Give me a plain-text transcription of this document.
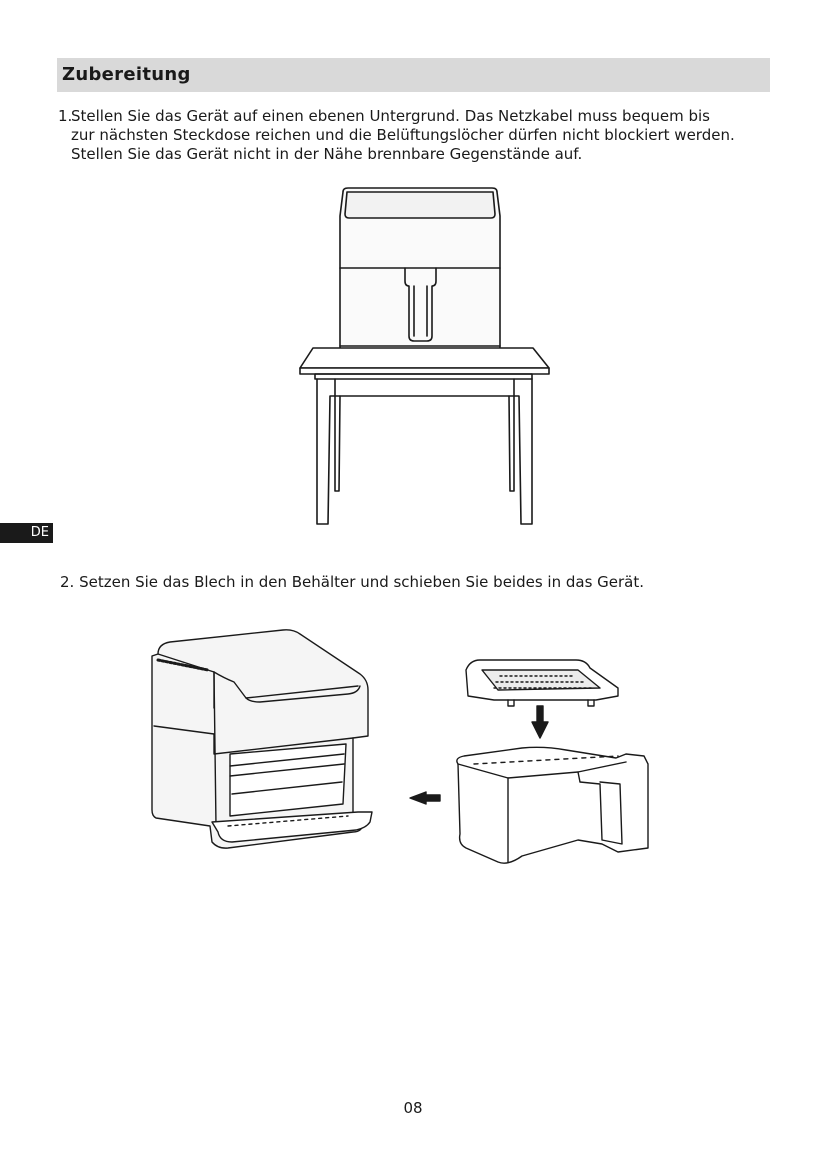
Zubereitung
1.
Stellen Sie das Gerät auf einen ebenen Untergrund. Das Netzkabel muss bequem bis zur nächsten Steckdose reichen und die Belüftungslöcher dürfen nicht blockiert werden. Stellen Sie das Gerät nicht in der Nähe brennbare Gegenstände auf.
DE
2. Setzen Sie das Blech in den Behälter und schieben Sie beides in das Gerät.
08
